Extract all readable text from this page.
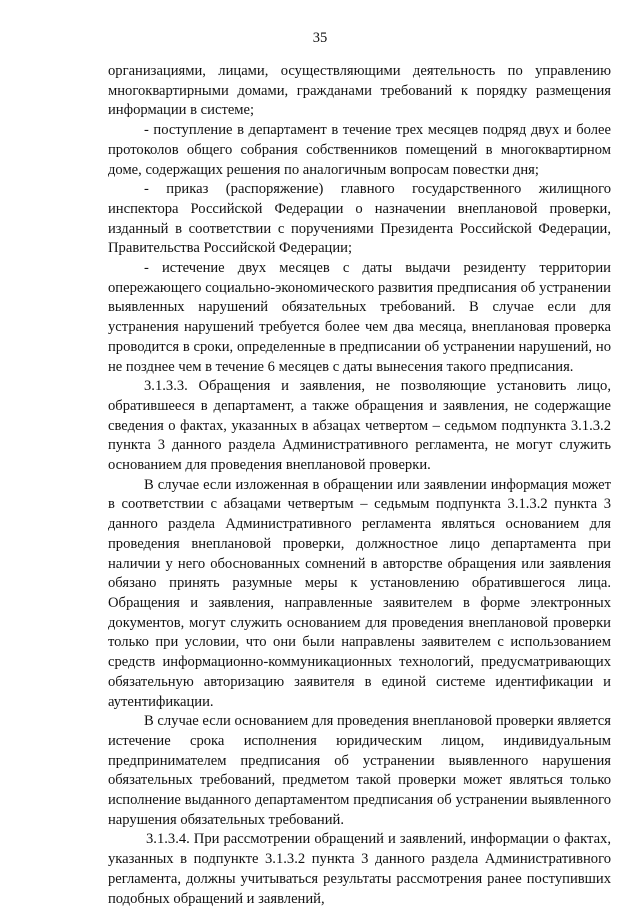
35

организациями, лицами, осуществляющими деятельность по управлению многоквартирными домами, гражданами требований к порядку размещения информации в системе;

- поступление в департамент в течение трех месяцев подряд двух и более протоколов общего собрания собственников помещений в многоквартирном доме, содержащих решения по аналогичным вопросам повестки дня;

- приказ (распоряжение) главного государственного жилищного инспектора Российской Федерации о назначении внеплановой проверки, изданный в соответствии с поручениями Президента Российской Федерации, Правительства Российской Федерации;

- истечение двух месяцев с даты выдачи резиденту территории опережающего социально-экономического развития предписания об устранении выявленных нарушений обязательных требований. В случае если для устранения нарушений требуется более чем два месяца, внеплановая проверка проводится в сроки, определенные в предписании об устранении нарушений, но не позднее чем в течение 6 месяцев с даты вынесения такого предписания.

3.1.3.3. Обращения и заявления, не позволяющие установить лицо, обратившееся в департамент, а также обращения и заявления, не содержащие сведения о фактах, указанных в абзацах четвертом – седьмом подпункта 3.1.3.2 пункта 3 данного раздела Административного регламента, не могут служить основанием для проведения внеплановой проверки.

В случае если изложенная в обращении или заявлении информация может в соответствии с абзацами четвертым – седьмым подпункта 3.1.3.2 пункта 3 данного раздела Административного регламента являться основанием для проведения внеплановой проверки, должностное лицо департамента при наличии у него обоснованных сомнений в авторстве обращения или заявления обязано принять разумные меры к установлению обратившегося лица. Обращения и заявления, направленные заявителем в форме электронных документов, могут служить основанием для проведения внеплановой проверки только при условии, что они были направлены заявителем с использованием средств информационно-коммуникационных технологий, предусматривающих обязательную авторизацию заявителя в единой системе идентификации и аутентификации.

В случае если основанием для проведения внеплановой проверки является истечение срока исполнения юридическим лицом, индивидуальным предпринимателем предписания об устранении выявленного нарушения обязательных требований, предметом такой проверки может являться только исполнение выданного департаментом предписания об устранении выявленного нарушения обязательных требований.

3.1.3.4. При рассмотрении обращений и заявлений, информации о фактах, указанных в подпункте 3.1.3.2 пункта 3 данного раздела Административного регламента, должны учитываться результаты рассмотрения ранее поступивших подобных обращений и заявлений,
